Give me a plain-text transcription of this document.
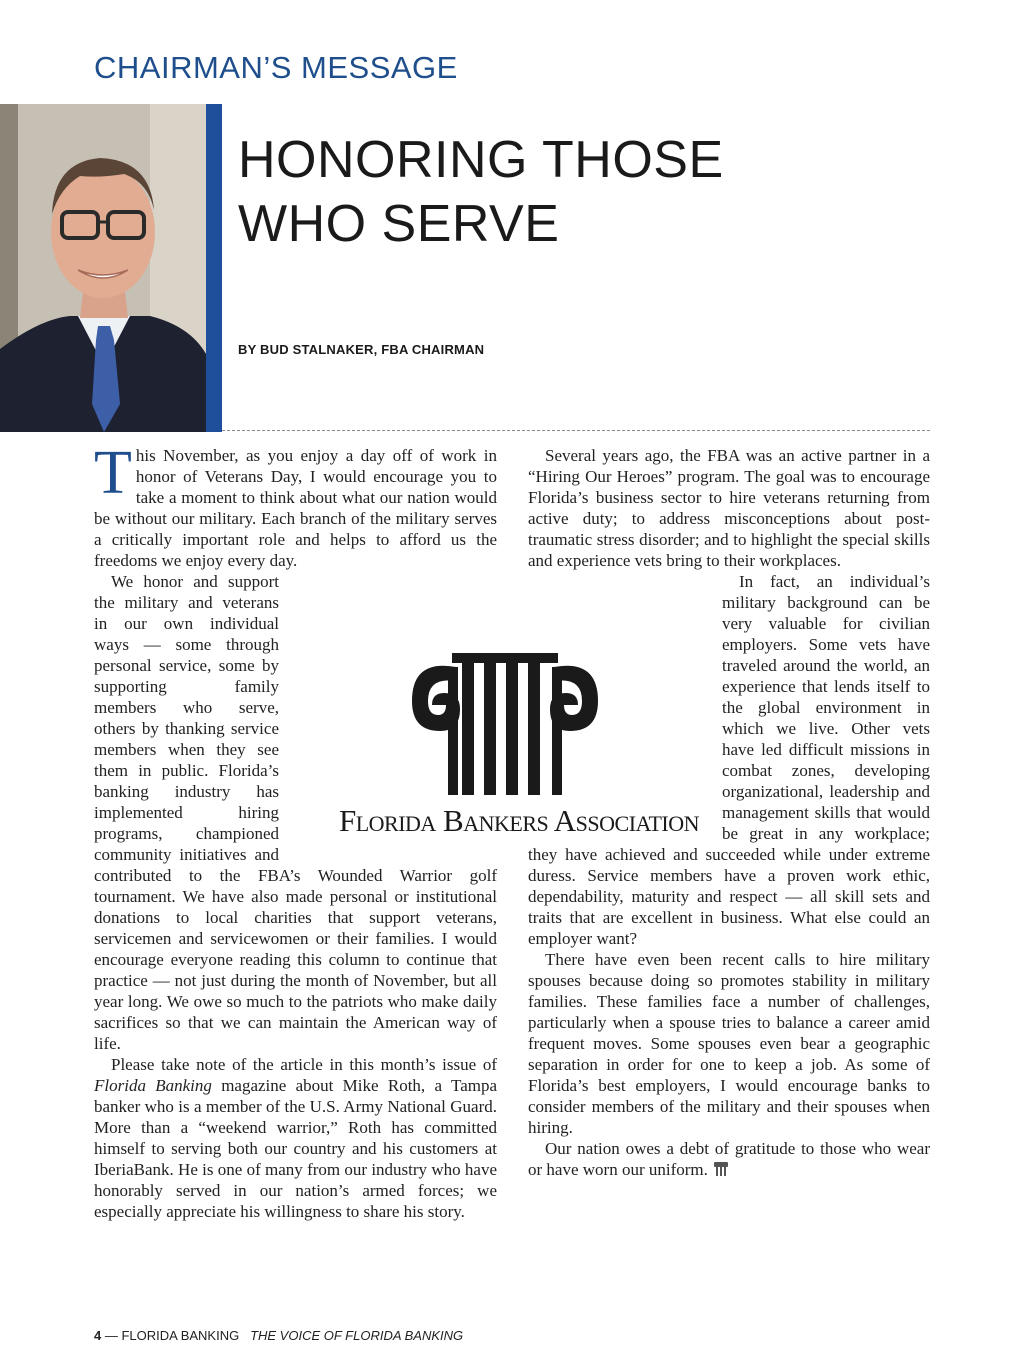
CHAIRMAN’S MESSAGE
HONORING THOSE
WHO SERVE
BY BUD STALNAKER, FBA CHAIRMAN

This November, as you enjoy a day off of work in honor of Veterans Day, I would encourage you to take a moment to think about what our nation would be without our military. Each branch of the military serves a critically important role and helps to afford us the freedoms we enjoy every day.

We honor and support the military and veterans in our own individual ways — some through personal service, some by supporting family members who serve, others by thanking service members when they see them in public. Florida’s banking industry has implemented hiring programs, championed community initiatives and contributed to the FBA’s Wounded Warrior golf tournament. We have also made personal or institutional donations to local charities that support veterans, servicemen and servicewomen or their families. I would encourage everyone reading this column to continue that practice — not just during the month of November, but all year long. We owe so much to the patriots who make daily sacrifices so that we can maintain the American way of life.

Please take note of the article in this month’s issue of Florida Banking magazine about Mike Roth, a Tampa banker who is a member of the U.S. Army National Guard. More than a “weekend warrior,” Roth has committed himself to serving both our country and his customers at IberiaBank. He is one of many from our industry who have honorably served in our nation’s armed forces; we especially appreciate his willingness to share his story.

Several years ago, the FBA was an active partner in a “Hiring Our Heroes” program. The goal was to encourage Florida’s business sector to hire veterans returning from active duty; to address misconceptions about post-traumatic stress disorder; and to highlight the special skills and experience vets bring to their workplaces.

In fact, an individual’s military background can be very valuable for civilian employers. Some vets have traveled around the world, an experience that lends itself to the global environment in which we live. Other vets have led difficult missions in combat zones, developing organizational, leadership and management skills that would be great in any workplace; they have achieved and succeeded while under extreme duress. Service members have a proven work ethic, dependability, maturity and respect — all skill sets and traits that are excellent in business. What else could an employer want?

There have even been recent calls to hire military spouses because doing so promotes stability in military families. These families face a number of challenges, particularly when a spouse tries to balance a career amid frequent moves. Some spouses even bear a geographic separation in order for one to keep a job. As some of Florida’s best employers, I would encourage banks to consider members of the military and their spouses when hiring.

Our nation owes a debt of gratitude to those who wear or have worn our uniform.

Florida Bankers Association
4 — FLORIDA BANKING   THE VOICE OF FLORIDA BANKING
